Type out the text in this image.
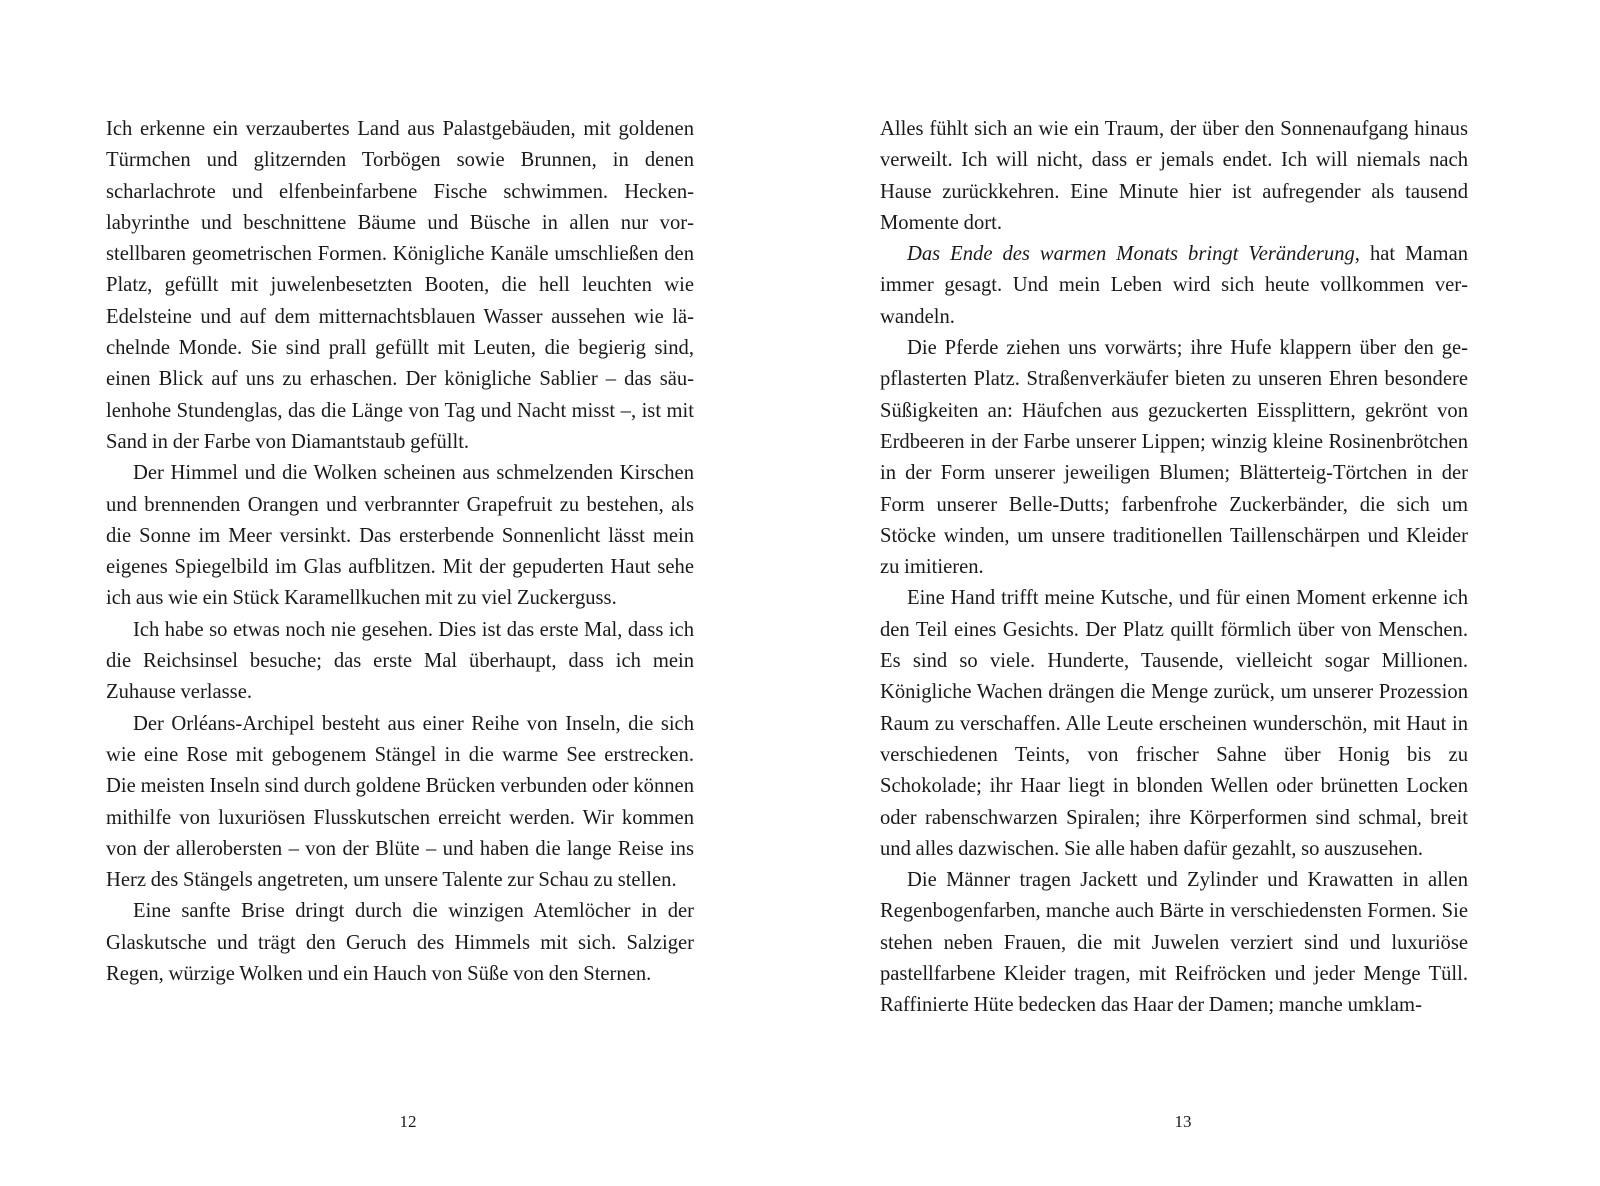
Ich erkenne ein verzaubertes Land aus Palastgebäuden, mit goldenen Türmchen und glitzernden Torbögen sowie Brunnen, in denen scharlachrote und elfenbeinfarbene Fische schwimmen. Heckenlabyrinthe und beschnittene Bäume und Büsche in allen nur vorstellbaren geometrischen Formen. Königliche Kanäle umschließen den Platz, gefüllt mit juwelenbesetzten Booten, die hell leuchten wie Edelsteine und auf dem mitternachtsblauen Wasser aussehen wie lächelnde Monde. Sie sind prall gefüllt mit Leuten, die begierig sind, einen Blick auf uns zu erhaschen. Der königliche Sablier – das säulenhohe Stundenglas, das die Länge von Tag und Nacht misst –, ist mit Sand in der Farbe von Diamantstaub gefüllt.

Der Himmel und die Wolken scheinen aus schmelzenden Kirschen und brennenden Orangen und verbrannter Grapefruit zu bestehen, als die Sonne im Meer versinkt. Das ersterbende Sonnenlicht lässt mein eigenes Spiegelbild im Glas aufblitzen. Mit der gepuderten Haut sehe ich aus wie ein Stück Karamellkuchen mit zu viel Zuckerguss.

Ich habe so etwas noch nie gesehen. Dies ist das erste Mal, dass ich die Reichsinsel besuche; das erste Mal überhaupt, dass ich mein Zuhause verlasse.

Der Orléans-Archipel besteht aus einer Reihe von Inseln, die sich wie eine Rose mit gebogenem Stängel in die warme See erstrecken. Die meisten Inseln sind durch goldene Brücken verbunden oder können mithilfe von luxuriösen Flusskutschen erreicht werden. Wir kommen von der allerobersten – von der Blüte – und haben die lange Reise ins Herz des Stängels angetreten, um unsere Talente zur Schau zu stellen.

Eine sanfte Brise dringt durch die winzigen Atemlöcher in der Glaskutsche und trägt den Geruch des Himmels mit sich. Salziger Regen, würzige Wolken und ein Hauch von Süße von den Sternen.

12

Alles fühlt sich an wie ein Traum, der über den Sonnenaufgang hinaus verweilt. Ich will nicht, dass er jemals endet. Ich will niemals nach Hause zurückkehren. Eine Minute hier ist aufregender als tausend Momente dort.

Das Ende des warmen Monats bringt Veränderung, hat Maman immer gesagt. Und mein Leben wird sich heute vollkommen verwandeln.

Die Pferde ziehen uns vorwärts; ihre Hufe klappern über den gepflasterten Platz. Straßenverkäufer bieten zu unseren Ehren besondere Süßigkeiten an: Häufchen aus gezuckerten Eissplittern, gekrönt von Erdbeeren in der Farbe unserer Lippen; winzig kleine Rosinenbrötchen in der Form unserer jeweiligen Blumen; Blätterteig-Törtchen in der Form unserer Belle-Dutts; farbenfrohe Zuckerbänder, die sich um Stöcke winden, um unsere traditionellen Taillenschärpen und Kleider zu imitieren.

Eine Hand trifft meine Kutsche, und für einen Moment erkenne ich den Teil eines Gesichts. Der Platz quillt förmlich über von Menschen. Es sind so viele. Hunderte, Tausende, vielleicht sogar Millionen. Königliche Wachen drängen die Menge zurück, um unserer Prozession Raum zu verschaffen. Alle Leute erscheinen wunderschön, mit Haut in verschiedenen Teints, von frischer Sahne über Honig bis zu Schokolade; ihr Haar liegt in blonden Wellen oder brünetten Locken oder rabenschwarzen Spiralen; ihre Körperformen sind schmal, breit und alles dazwischen. Sie alle haben dafür gezahlt, so auszusehen.

Die Männer tragen Jackett und Zylinder und Krawatten in allen Regenbogenfarben, manche auch Bärte in verschiedensten Formen. Sie stehen neben Frauen, die mit Juwelen verziert sind und luxuriöse pastellfarbene Kleider tragen, mit Reifröcken und jeder Menge Tüll. Raffinierte Hüte bedecken das Haar der Damen; manche umklam-

13
